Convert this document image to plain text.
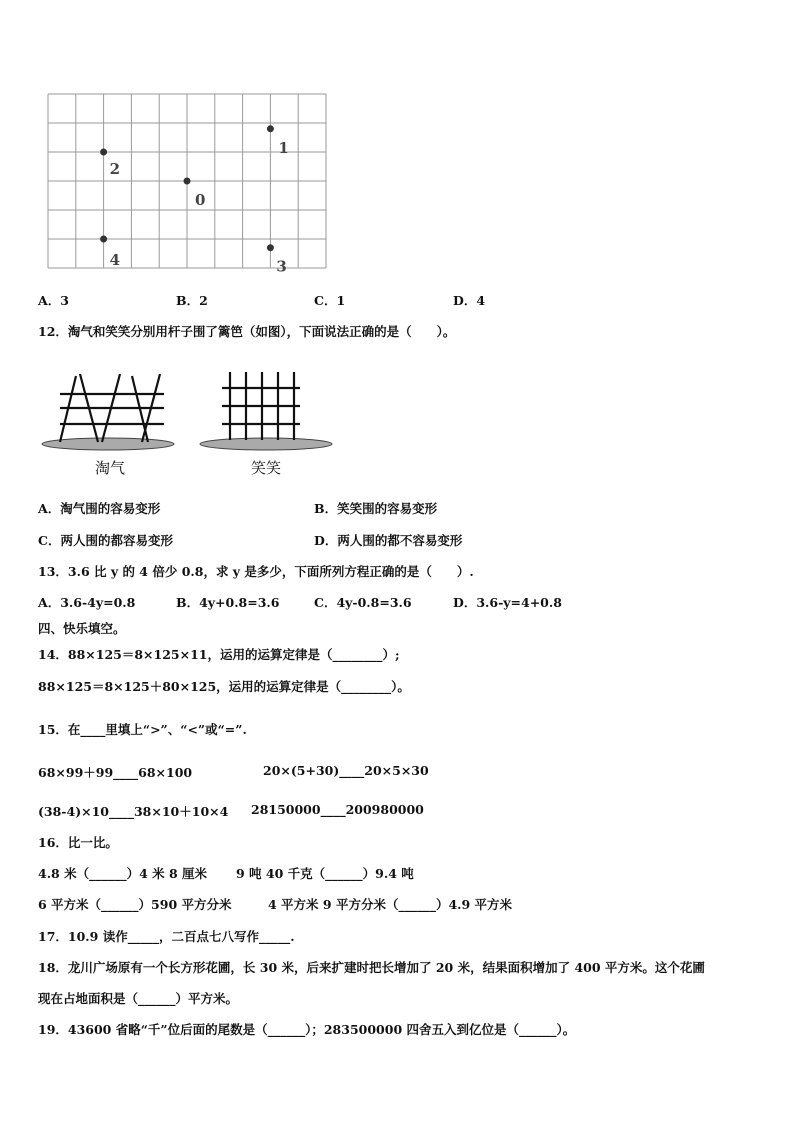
1
2
0
4	3
A．3	B．2	C．1	D．4
12．淘气和笑笑分别用杆子围了篱笆（如图），下面说法正确的是（　　）。
淘气	笑笑
A．淘气围的容易变形	B．笑笑围的容易变形
C．两人围的都容易变形	D．两人围的都不容易变形
13．3.6 比 y 的 4 倍少 0.8，求 y 是多少，下面所列方程正确的是（　　）.
A．3.6-4y=0.8	B．4y+0.8=3.6	C．4y-0.8=3.6	D．3.6-y=4+0.8
四、快乐填空。
14．88×125＝8×125×11，运用的运算定律是（________）;
88×125＝8×125＋80×125，运用的运算定律是（________）。
15．在____里填上“>”、“<”或“=”.
68×99＋99____68×100	20×(5+30)____20×5×30
(38-4)×10____38×10＋10×4 28150000____200980000
16．比一比。
4.8 米（______）4 米 8 厘米 9 吨 40 千克（______）9.4 吨
6 平方米（______）590 平方分米	4 平方米 9 平方分米（______）4.9 平方米
17．10.9 读作_____，二百点七八写作_____.
18．龙川广场原有一个长方形花圃，长 30 米，后来扩建时把长增加了 20 米，结果面积增加了 400 平方米。这个花圃
现在占地面积是（______）平方米。
19．43600 省略“千”位后面的尾数是（______）；283500000 四舍五入到亿位是（______）。
